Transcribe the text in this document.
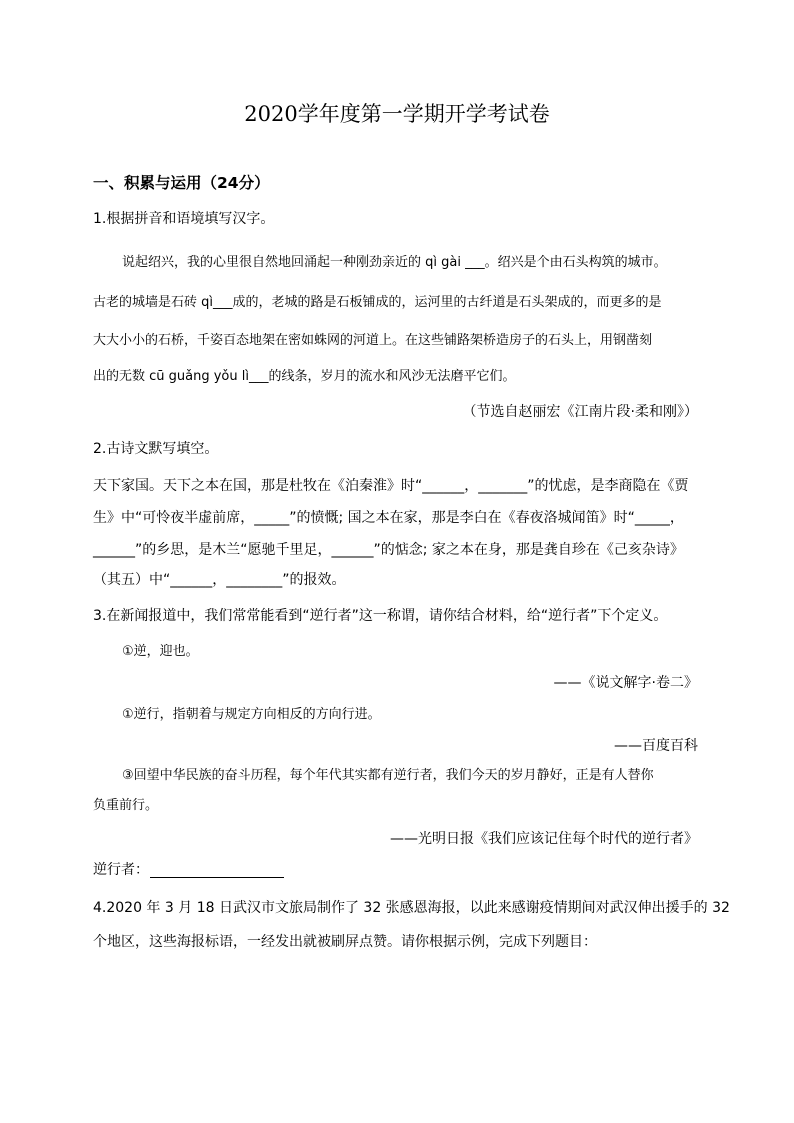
2020学年度第一学期开学考试卷
一、积累与运用（24分）
1.根据拼音和语境填写汉字。
说起绍兴，我的心里很自然地回涌起一种刚劲亲近的 qì gài ___。绍兴是个由石头构筑的城市。
古老的城墙是石砖 qì___成的，老城的路是石板铺成的，运河里的古纤道是石头架成的，而更多的是
大大小小的石桥，千姿百态地架在密如蛛网的河道上。在这些铺路架桥造房子的石头上，用钢凿刻
出的无数 cū guǎng yǒu lì___的线条，岁月的流水和风沙无法磨平它们。
（节选自赵丽宏《江南片段·柔和刚》）
2.古诗文默写填空。
天下家国。天下之本在国，那是杜牧在《泊秦淮》时“______，_______”的忧虑，是李商隐在《贾
生》中“可怜夜半虚前席，_____”的愤慨; 国之本在家，那是李白在《春夜洛城闻笛》时“_____，
______”的乡思，是木兰“愿驰千里足，______”的惦念; 家之本在身，那是龚自珍在《己亥杂诗》
（其五）中“______，________”的报效。
3.在新闻报道中，我们常常能看到“逆行者”这一称谓，请你结合材料，给“逆行者”下个定义。
①逆，迎也。
——《说文解字·卷二》
①逆行，指朝着与规定方向相反的方向行进。
——百度百科
③回望中华民族的奋斗历程，每个年代其实都有逆行者，我们今天的岁月静好，正是有人替你
负重前行。
——光明日报《我们应该记住每个时代的逆行者》
逆行者：
4.2020 年 3 月 18 日武汉市文旅局制作了 32 张感恩海报，以此来感谢疫情期间对武汉伸出援手的 32
个地区，这些海报标语，一经发出就被刷屏点赞。请你根据示例，完成下列题目：
